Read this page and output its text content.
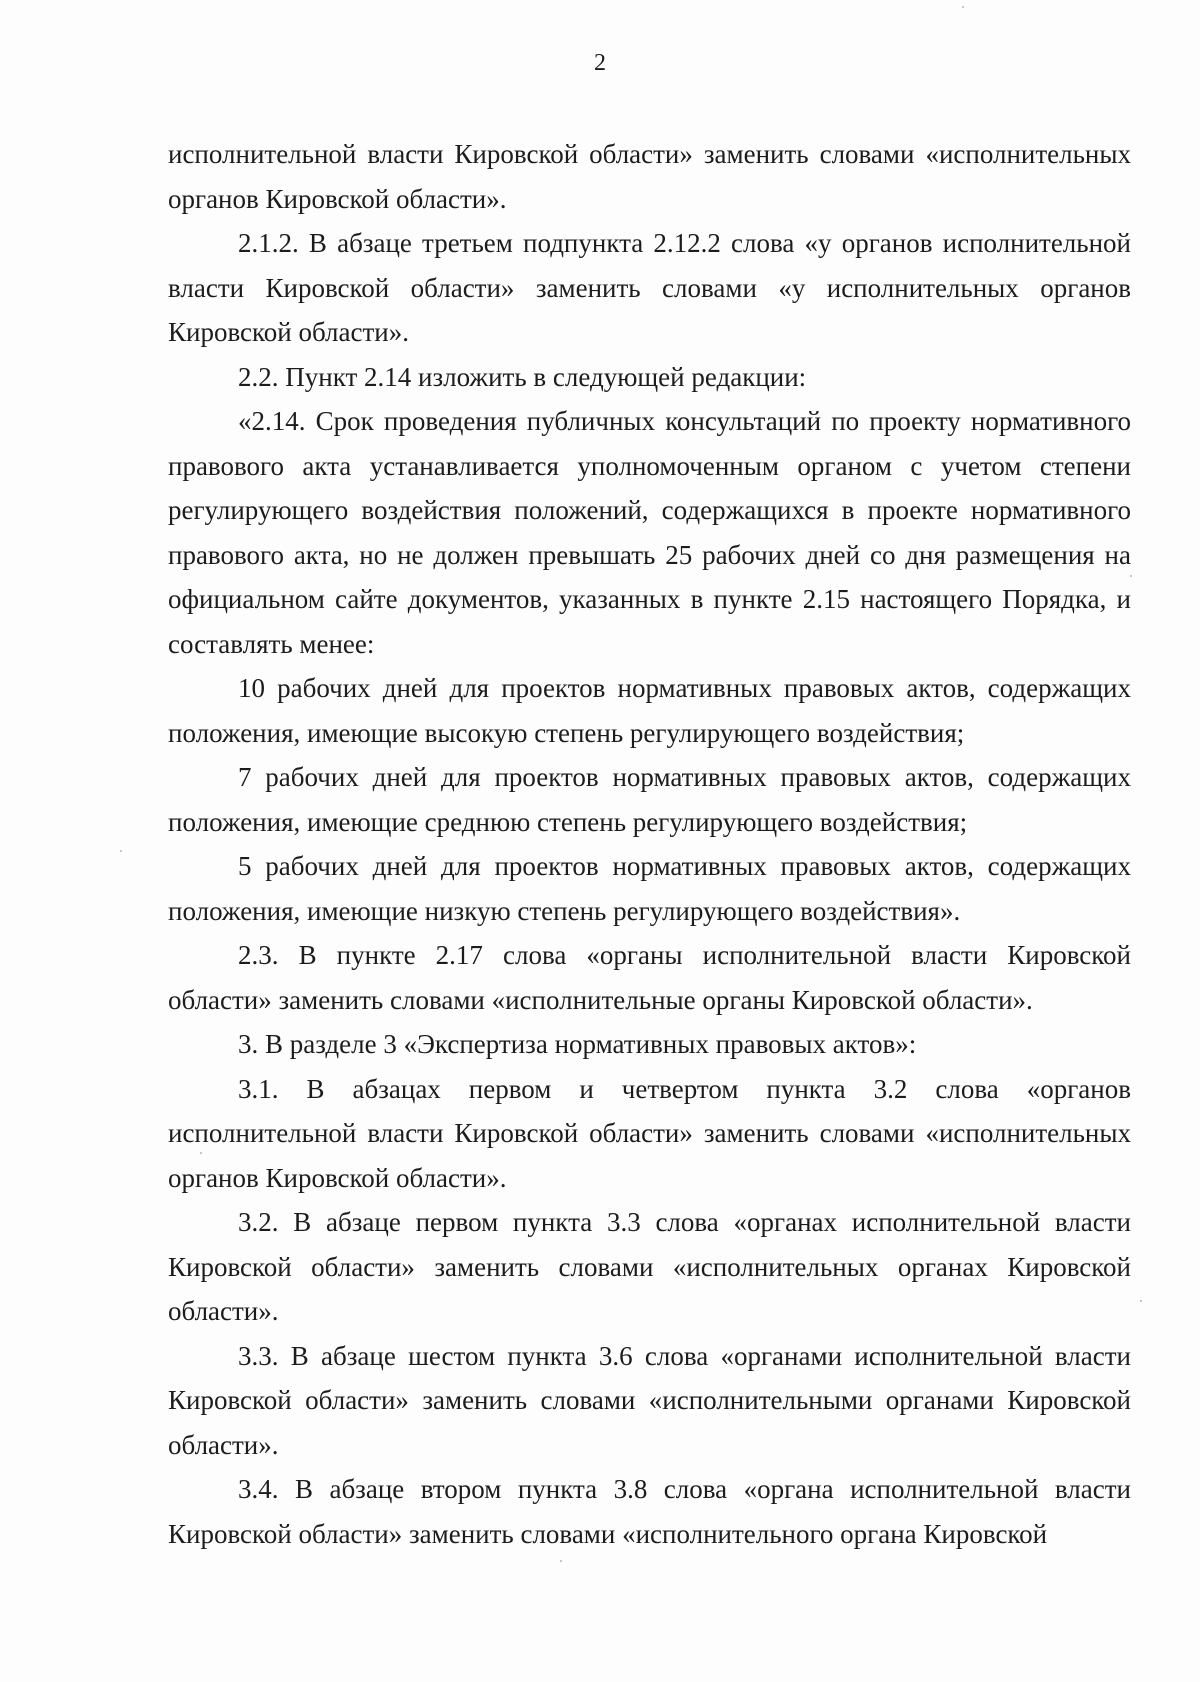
2

исполнительной власти Кировской области» заменить словами «исполнительных органов Кировской области».

2.1.2. В абзаце третьем подпункта 2.12.2 слова «у органов исполнительной власти Кировской области» заменить словами «у исполнительных органов Кировской области».

2.2. Пункт 2.14 изложить в следующей редакции:

«2.14. Срок проведения публичных консультаций по проекту нормативного правового акта устанавливается уполномоченным органом с учетом степени регулирующего воздействия положений, содержащихся в проекте нормативного правового акта, но не должен превышать 25 рабочих дней со дня размещения на официальном сайте документов, указанных в пункте 2.15 настоящего Порядка, и составлять менее:

10 рабочих дней для проектов нормативных правовых актов, содержащих положения, имеющие высокую степень регулирующего воздействия;

7 рабочих дней для проектов нормативных правовых актов, содержащих положения, имеющие среднюю степень регулирующего воздействия;

5 рабочих дней для проектов нормативных правовых актов, содержащих положения, имеющие низкую степень регулирующего воздействия».

2.3. В пункте 2.17 слова «органы исполнительной власти Кировской области» заменить словами «исполнительные органы Кировской области».

3. В разделе 3 «Экспертиза нормативных правовых актов»:

3.1. В абзацах первом и четвертом пункта 3.2 слова «органов исполнительной власти Кировской области» заменить словами «исполнительных органов Кировской области».

3.2. В абзаце первом пункта 3.3 слова «органах исполнительной власти Кировской области» заменить словами «исполнительных органах Кировской области».

3.3. В абзаце шестом пункта 3.6 слова «органами исполнительной власти Кировской области» заменить словами «исполнительными органами Кировской области».

3.4. В абзаце втором пункта 3.8 слова «органа исполнительной власти Кировской области» заменить словами «исполнительного органа Кировской
